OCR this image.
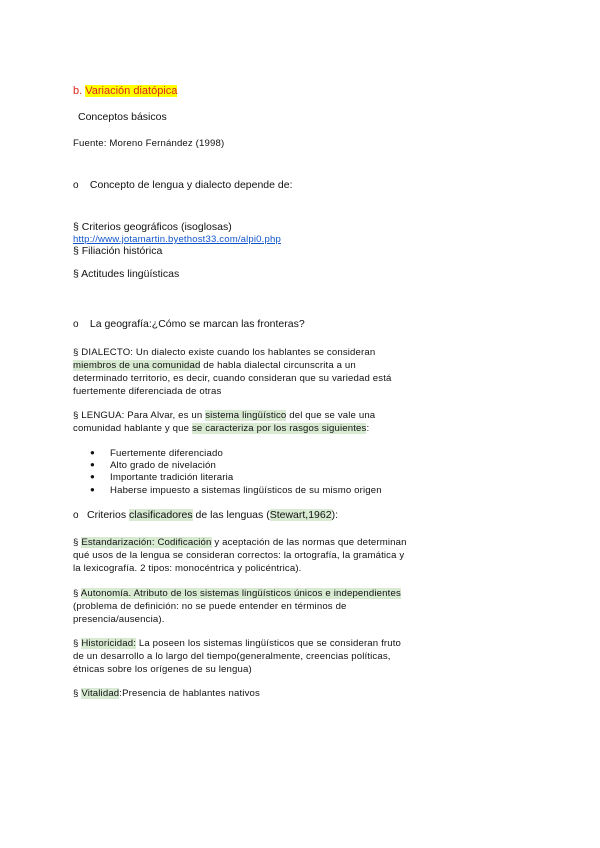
b. Variación diatópica
Conceptos básicos
Fuente: Moreno Fernández (1998)
o Concepto de lengua y dialecto depende de:
§ Criterios geográficos (isoglosas)
http://www.jotamartin.byethost33.com/alpi0.php
§ Filiación histórica
§ Actitudes lingüísticas
o La geografía:¿Cómo se marcan las fronteras?
§ DIALECTO: Un dialecto existe cuando los hablantes se consideran
miembros de una comunidad de habla dialectal circunscrita a un
determinado territorio, es decir, cuando consideran que su variedad está
fuertemente diferenciada de otras
§ LENGUA: Para Alvar, es un sistema lingüístico del que se vale una
comunidad hablante y que se caracteriza por los rasgos siguientes:
● Fuertemente diferenciado
● Alto grado de nivelación
● Importante tradición literaria
● Haberse impuesto a sistemas lingüísticos de su mismo origen
o Criterios clasificadores de las lenguas (Stewart,1962):
§ Estandarización: Codificación y aceptación de las normas que determinan
qué usos de la lengua se consideran correctos: la ortografía, la gramática y
la lexicografía. 2 tipos: monocéntrica y policéntrica).
§ Autonomía. Atributo de los sistemas lingüísticos únicos e independientes
(problema de definición: no se puede entender en términos de
presencia/ausencia).
§ Historicidad: La poseen los sistemas lingüísticos que se consideran fruto
de un desarrollo a lo largo del tiempo(generalmente, creencias políticas,
étnicas sobre los orígenes de su lengua)
§ Vitalidad:Presencia de hablantes nativos
